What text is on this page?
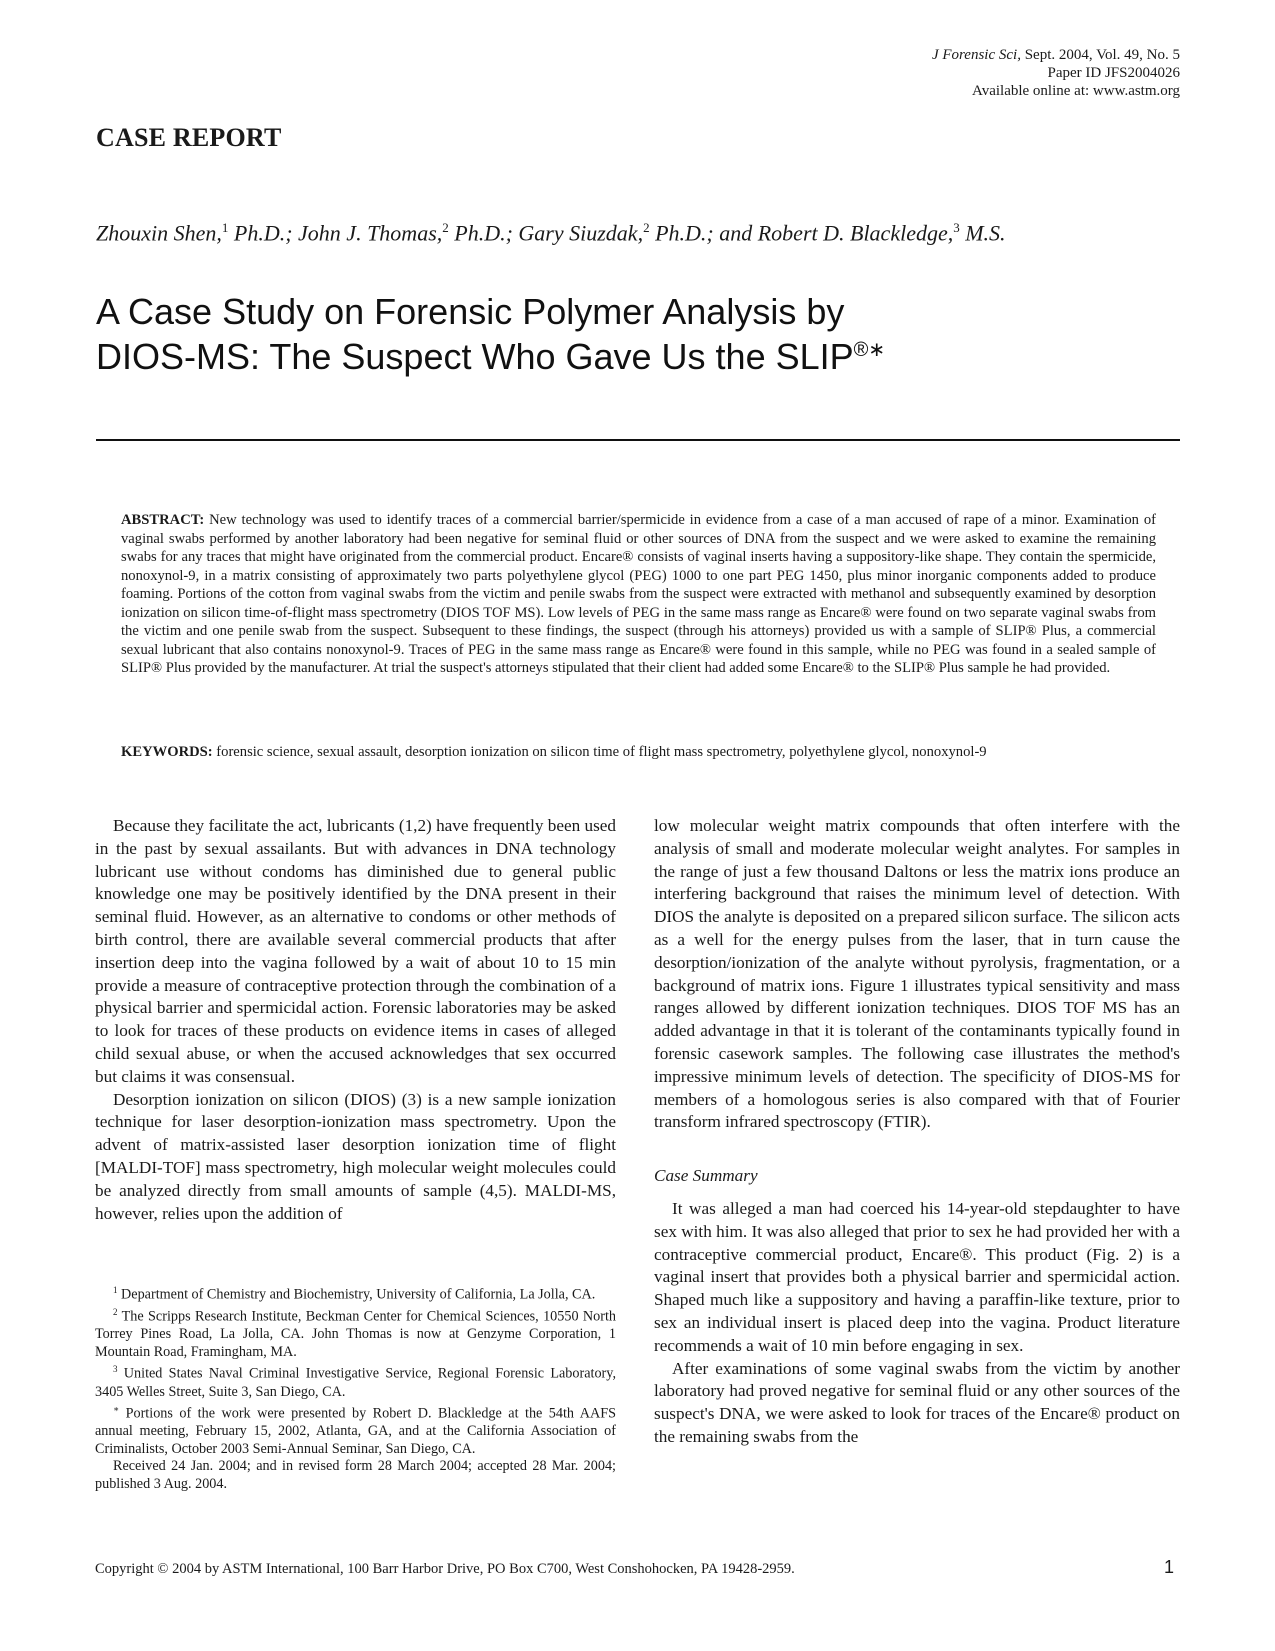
J Forensic Sci, Sept. 2004, Vol. 49, No. 5
Paper ID JFS2004026
Available online at: www.astm.org
CASE REPORT
Zhouxin Shen,$^1$ Ph.D.; John J. Thomas,$^2$ Ph.D.; Gary Siuzdak,$^2$ Ph.D.; and Robert D. Blackledge,$^3$ M.S.
A Case Study on Forensic Polymer Analysis by
DIOS-MS: The Suspect Who Gave Us the SLIP®∗
ABSTRACT: New technology was used to identify traces of a commercial barrier/spermicide in evidence from a case of a man accused of rape of a minor. Examination of vaginal swabs performed by another laboratory had been negative for seminal fluid or other sources of DNA from the suspect and we were asked to examine the remaining swabs for any traces that might have originated from the commercial product. Encare® consists of vaginal inserts having a suppository-like shape. They contain the spermicide, nonoxynol-9, in a matrix consisting of approximately two parts polyethylene glycol (PEG) 1000 to one part PEG 1450, plus minor inorganic components added to produce foaming. Portions of the cotton from vaginal swabs from the victim and penile swabs from the suspect were extracted with methanol and subsequently examined by desorption ionization on silicon time-of-flight mass spectrometry (DIOS TOF MS). Low levels of PEG in the same mass range as Encare® were found on two separate vaginal swabs from the victim and one penile swab from the suspect. Subsequent to these findings, the suspect (through his attorneys) provided us with a sample of SLIP® Plus, a commercial sexual lubricant that also contains nonoxynol-9. Traces of PEG in the same mass range as Encare® were found in this sample, while no PEG was found in a sealed sample of SLIP® Plus provided by the manufacturer. At trial the suspect's attorneys stipulated that their client had added some Encare® to the SLIP® Plus sample he had provided.
KEYWORDS: forensic science, sexual assault, desorption ionization on silicon time of flight mass spectrometry, polyethylene glycol, nonoxynol-9

Because they facilitate the act, lubricants (1,2) have frequently been used in the past by sexual assailants. But with advances in DNA technology lubricant use without condoms has diminished due to general public knowledge one may be positively identified by the DNA present in their seminal fluid. However, as an alternative to condoms or other methods of birth control, there are available several commercial products that after insertion deep into the vagina followed by a wait of about 10 to 15 min provide a measure of contraceptive protection through the combination of a physical barrier and spermicidal action. Forensic laboratories may be asked to look for traces of these products on evidence items in cases of alleged child sexual abuse, or when the accused acknowledges that sex occurred but claims it was consensual.

Desorption ionization on silicon (DIOS) (3) is a new sample ionization technique for laser desorption-ionization mass spectrometry. Upon the advent of matrix-assisted laser desorption ionization time of flight [MALDI-TOF] mass spectrometry, high molecular weight molecules could be analyzed directly from small amounts of sample (4,5). MALDI-MS, however, relies upon the addition of

low molecular weight matrix compounds that often interfere with the analysis of small and moderate molecular weight analytes. For samples in the range of just a few thousand Daltons or less the matrix ions produce an interfering background that raises the minimum level of detection. With DIOS the analyte is deposited on a prepared silicon surface. The silicon acts as a well for the energy pulses from the laser, that in turn cause the desorption/ionization of the analyte without pyrolysis, fragmentation, or a background of matrix ions. Figure 1 illustrates typical sensitivity and mass ranges allowed by different ionization techniques. DIOS TOF MS has an added advantage in that it is tolerant of the contaminants typically found in forensic casework samples. The following case illustrates the method's impressive minimum levels of detection. The specificity of DIOS-MS for members of a homologous series is also compared with that of Fourier transform infrared spectroscopy (FTIR).

Case Summary

It was alleged a man had coerced his 14-year-old stepdaughter to have sex with him. It was also alleged that prior to sex he had provided her with a contraceptive commercial product, Encare®. This product (Fig. 2) is a vaginal insert that provides both a physical barrier and spermicidal action. Shaped much like a suppository and having a paraffin-like texture, prior to sex an individual insert is placed deep into the vagina. Product literature recommends a wait of 10 min before engaging in sex.

After examinations of some vaginal swabs from the victim by another laboratory had proved negative for seminal fluid or any other sources of the suspect's DNA, we were asked to look for traces of the Encare® product on the remaining swabs from the

$^1$ Department of Chemistry and Biochemistry, University of California, La Jolla, CA.

$^2$ The Scripps Research Institute, Beckman Center for Chemical Sciences, 10550 North Torrey Pines Road, La Jolla, CA. John Thomas is now at Genzyme Corporation, 1 Mountain Road, Framingham, MA.

$^3$ United States Naval Criminal Investigative Service, Regional Forensic Laboratory, 3405 Welles Street, Suite 3, San Diego, CA.

∗ Portions of the work were presented by Robert D. Blackledge at the 54th AAFS annual meeting, February 15, 2002, Atlanta, GA, and at the California Association of Criminalists, October 2003 Semi-Annual Seminar, San Diego, CA.

Received 24 Jan. 2004; and in revised form 28 March 2004; accepted 28 Mar. 2004; published 3 Aug. 2004.

Copyright © 2004 by ASTM International, 100 Barr Harbor Drive, PO Box C700, West Conshohocken, PA 19428-2959.	1
